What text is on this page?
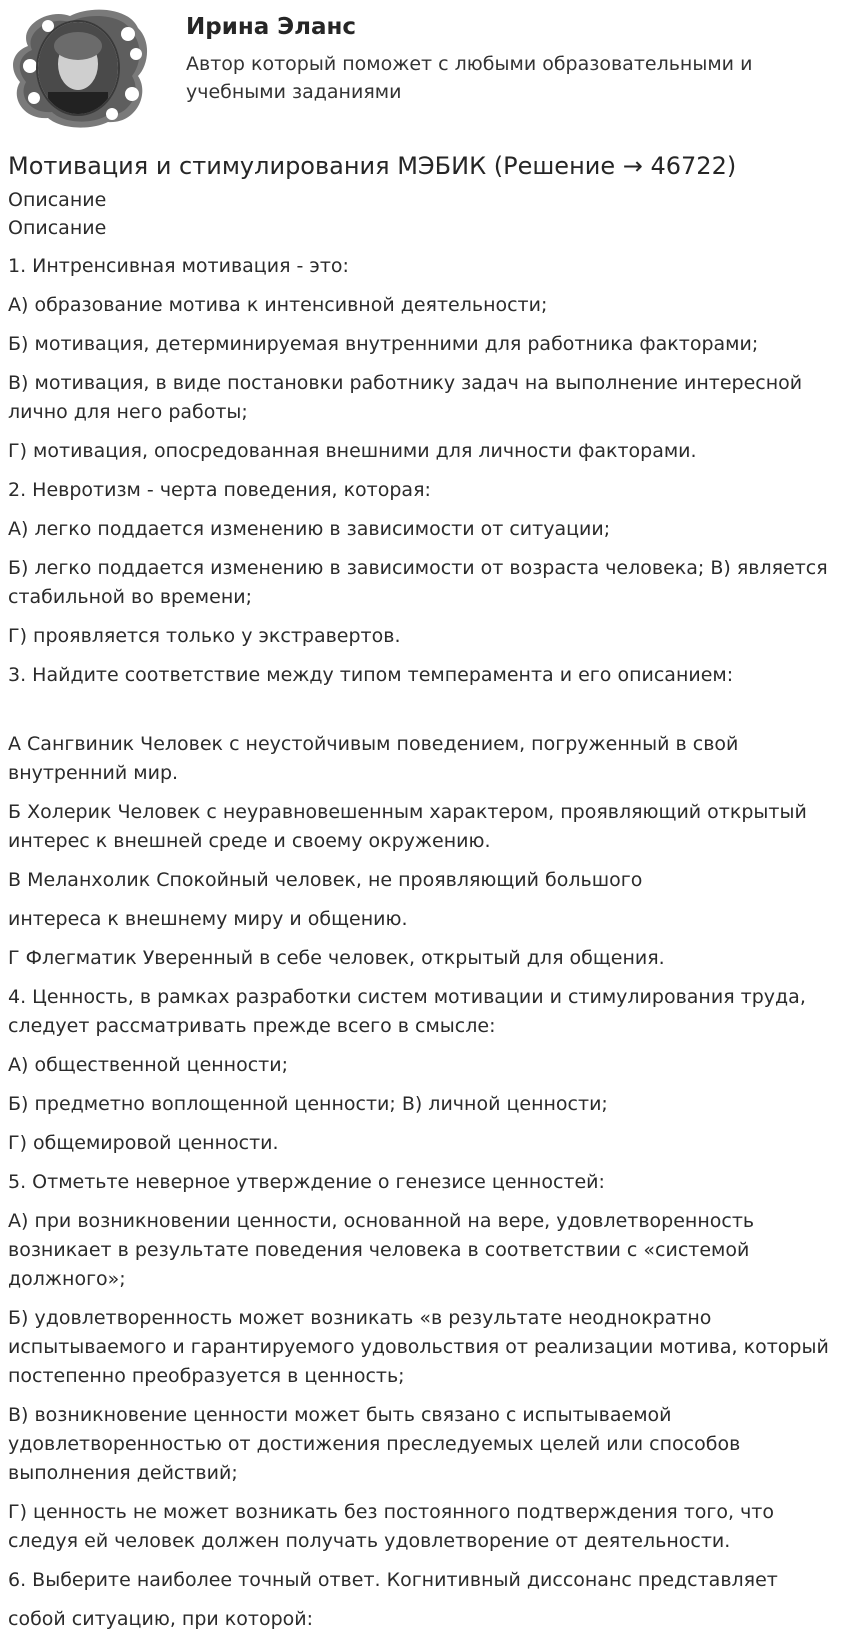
Ирина Эланс
Автор который поможет с любыми образовательными и учебными заданиями
Мотивация и стимулирования МЭБИК (Решение → 46722)
Описание
Описание

1. Интренсивная мотивация - это:

А) образование мотива к интенсивной деятельности;

Б) мотивация, детерминируемая внутренними для работника факторами;

В) мотивация, в виде постановки работнику задач на выполнение интересной лично для него работы;

Г) мотивация, опосредованная внешними для личности факторами.

2. Невротизм - черта поведения, которая:

А) легко поддается изменению в зависимости от ситуации;

Б) легко поддается изменению в зависимости от возраста человека; В) является стабильной во времени;

Г) проявляется только у экстравертов.

3. Найдите соответствие между типом темперамента и его описанием:

А Сангвиник Человек с неустойчивым поведением, погруженный в свой внутренний мир.

Б Холерик Человек с неуравновешенным характером, проявляющий открытый интерес к внешней среде и своему окружению.

В Меланхолик Спокойный человек, не проявляющий большого

интереса к внешнему миру и общению.

Г Флегматик Уверенный в себе человек, открытый для общения.

4. Ценность, в рамках разработки систем мотивации и стимулирования труда, следует рассматривать прежде всего в смысле:

А) общественной ценности;

Б) предметно воплощенной ценности; В) личной ценности;

Г) общемировой ценности.

5. Отметьте неверное утверждение о генезисе ценностей:

А) при возникновении ценности, основанной на вере, удовлетворенность возникает в результате поведения человека в соответствии с «системой должного»;

Б) удовлетворенность может возникать «в результате неоднократно испытываемого и гарантируемого удовольствия от реализации мотива, который постепенно преобразуется в ценность;

В) возникновение ценности может быть связано с испытываемой удовлетворенностью от достижения преследуемых целей или способов выполнения действий;

Г) ценность не может возникать без постоянного подтверждения того, что следуя ей человек должен получать удовлетворение от деятельности.

6. Выберите наиболее точный ответ. Когнитивный диссонанс представляет

собой ситуацию, при которой:
